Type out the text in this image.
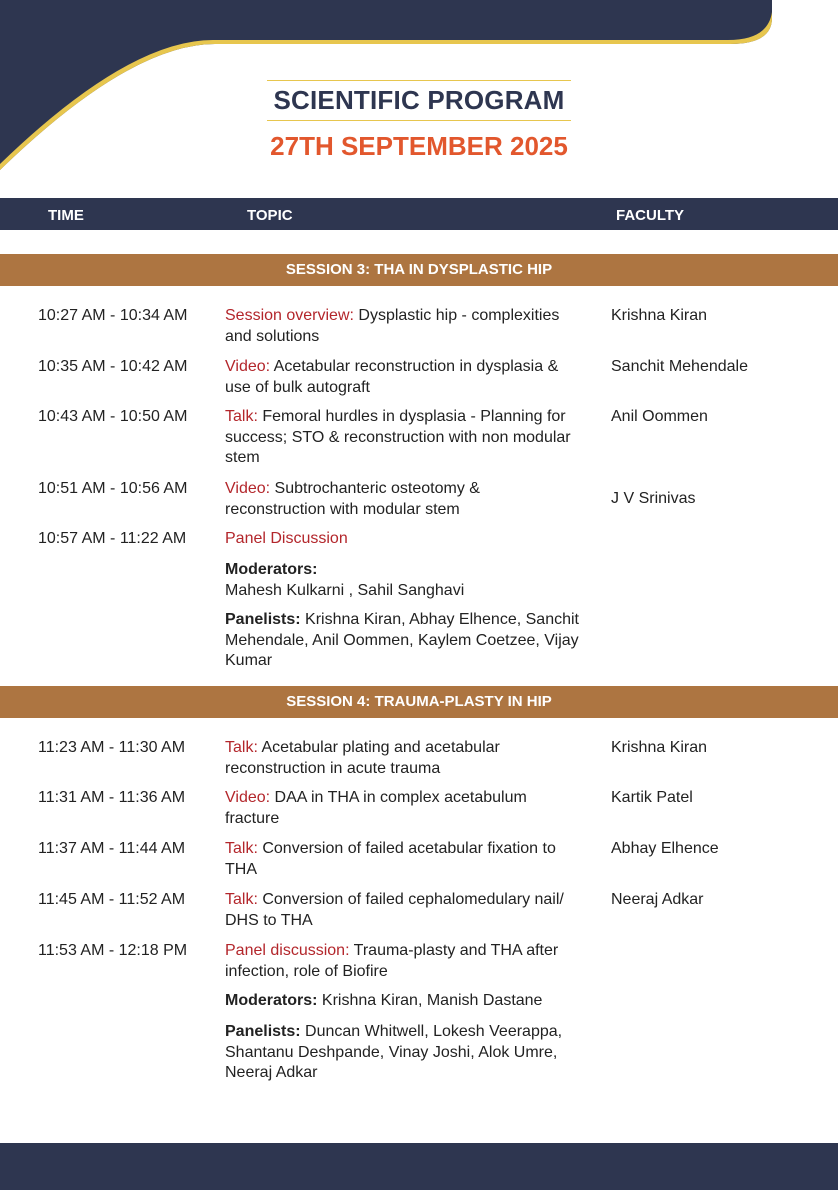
SCIENTIFIC PROGRAM
27TH SEPTEMBER 2025
TIME	TOPIC	FACULTY
SESSION 3: THA IN DYSPLASTIC HIP
10:27 AM - 10:34 AM Session overview: Dysplastic hip - complexities and solutions
Krishna Kiran
10:35 AM - 10:42 AM Video: Acetabular reconstruction in dysplasia & use of bulk autograft
Sanchit Mehendale
10:43 AM - 10:50 AM Talk: Femoral hurdles in dysplasia - Planning for success; STO & reconstruction with non modular stem
Anil Oommen
10:51 AM - 10:56 AM Video: Subtrochanteric osteotomy & reconstruction with modular stem
J V Srinivas
10:57 AM - 11:22 AM Panel Discussion
Moderators:
Mahesh Kulkarni , Sahil Sanghavi
Panelists: Krishna Kiran, Abhay Elhence, Sanchit Mehendale, Anil Oommen, Kaylem Coetzee, Vijay Kumar
SESSION 4: TRAUMA-PLASTY IN HIP
11:23 AM - 11:30 AM Talk: Acetabular plating and acetabular reconstruction in acute trauma
Krishna Kiran
11:31 AM - 11:36 AM Video: DAA in THA in complex acetabulum fracture
Kartik Patel
11:37 AM - 11:44 AM Talk: Conversion of failed acetabular fixation to THA
Abhay Elhence
11:45 AM - 11:52 AM Talk: Conversion of failed cephalomedulary nail/ DHS to THA
Neeraj Adkar
11:53 AM - 12:18 PM Panel discussion: Trauma-plasty and THA after infection, role of Biofire
Moderators: Krishna Kiran, Manish Dastane
Panelists: Duncan Whitwell, Lokesh Veerappa, Shantanu Deshpande, Vinay Joshi, Alok Umre, Neeraj Adkar
